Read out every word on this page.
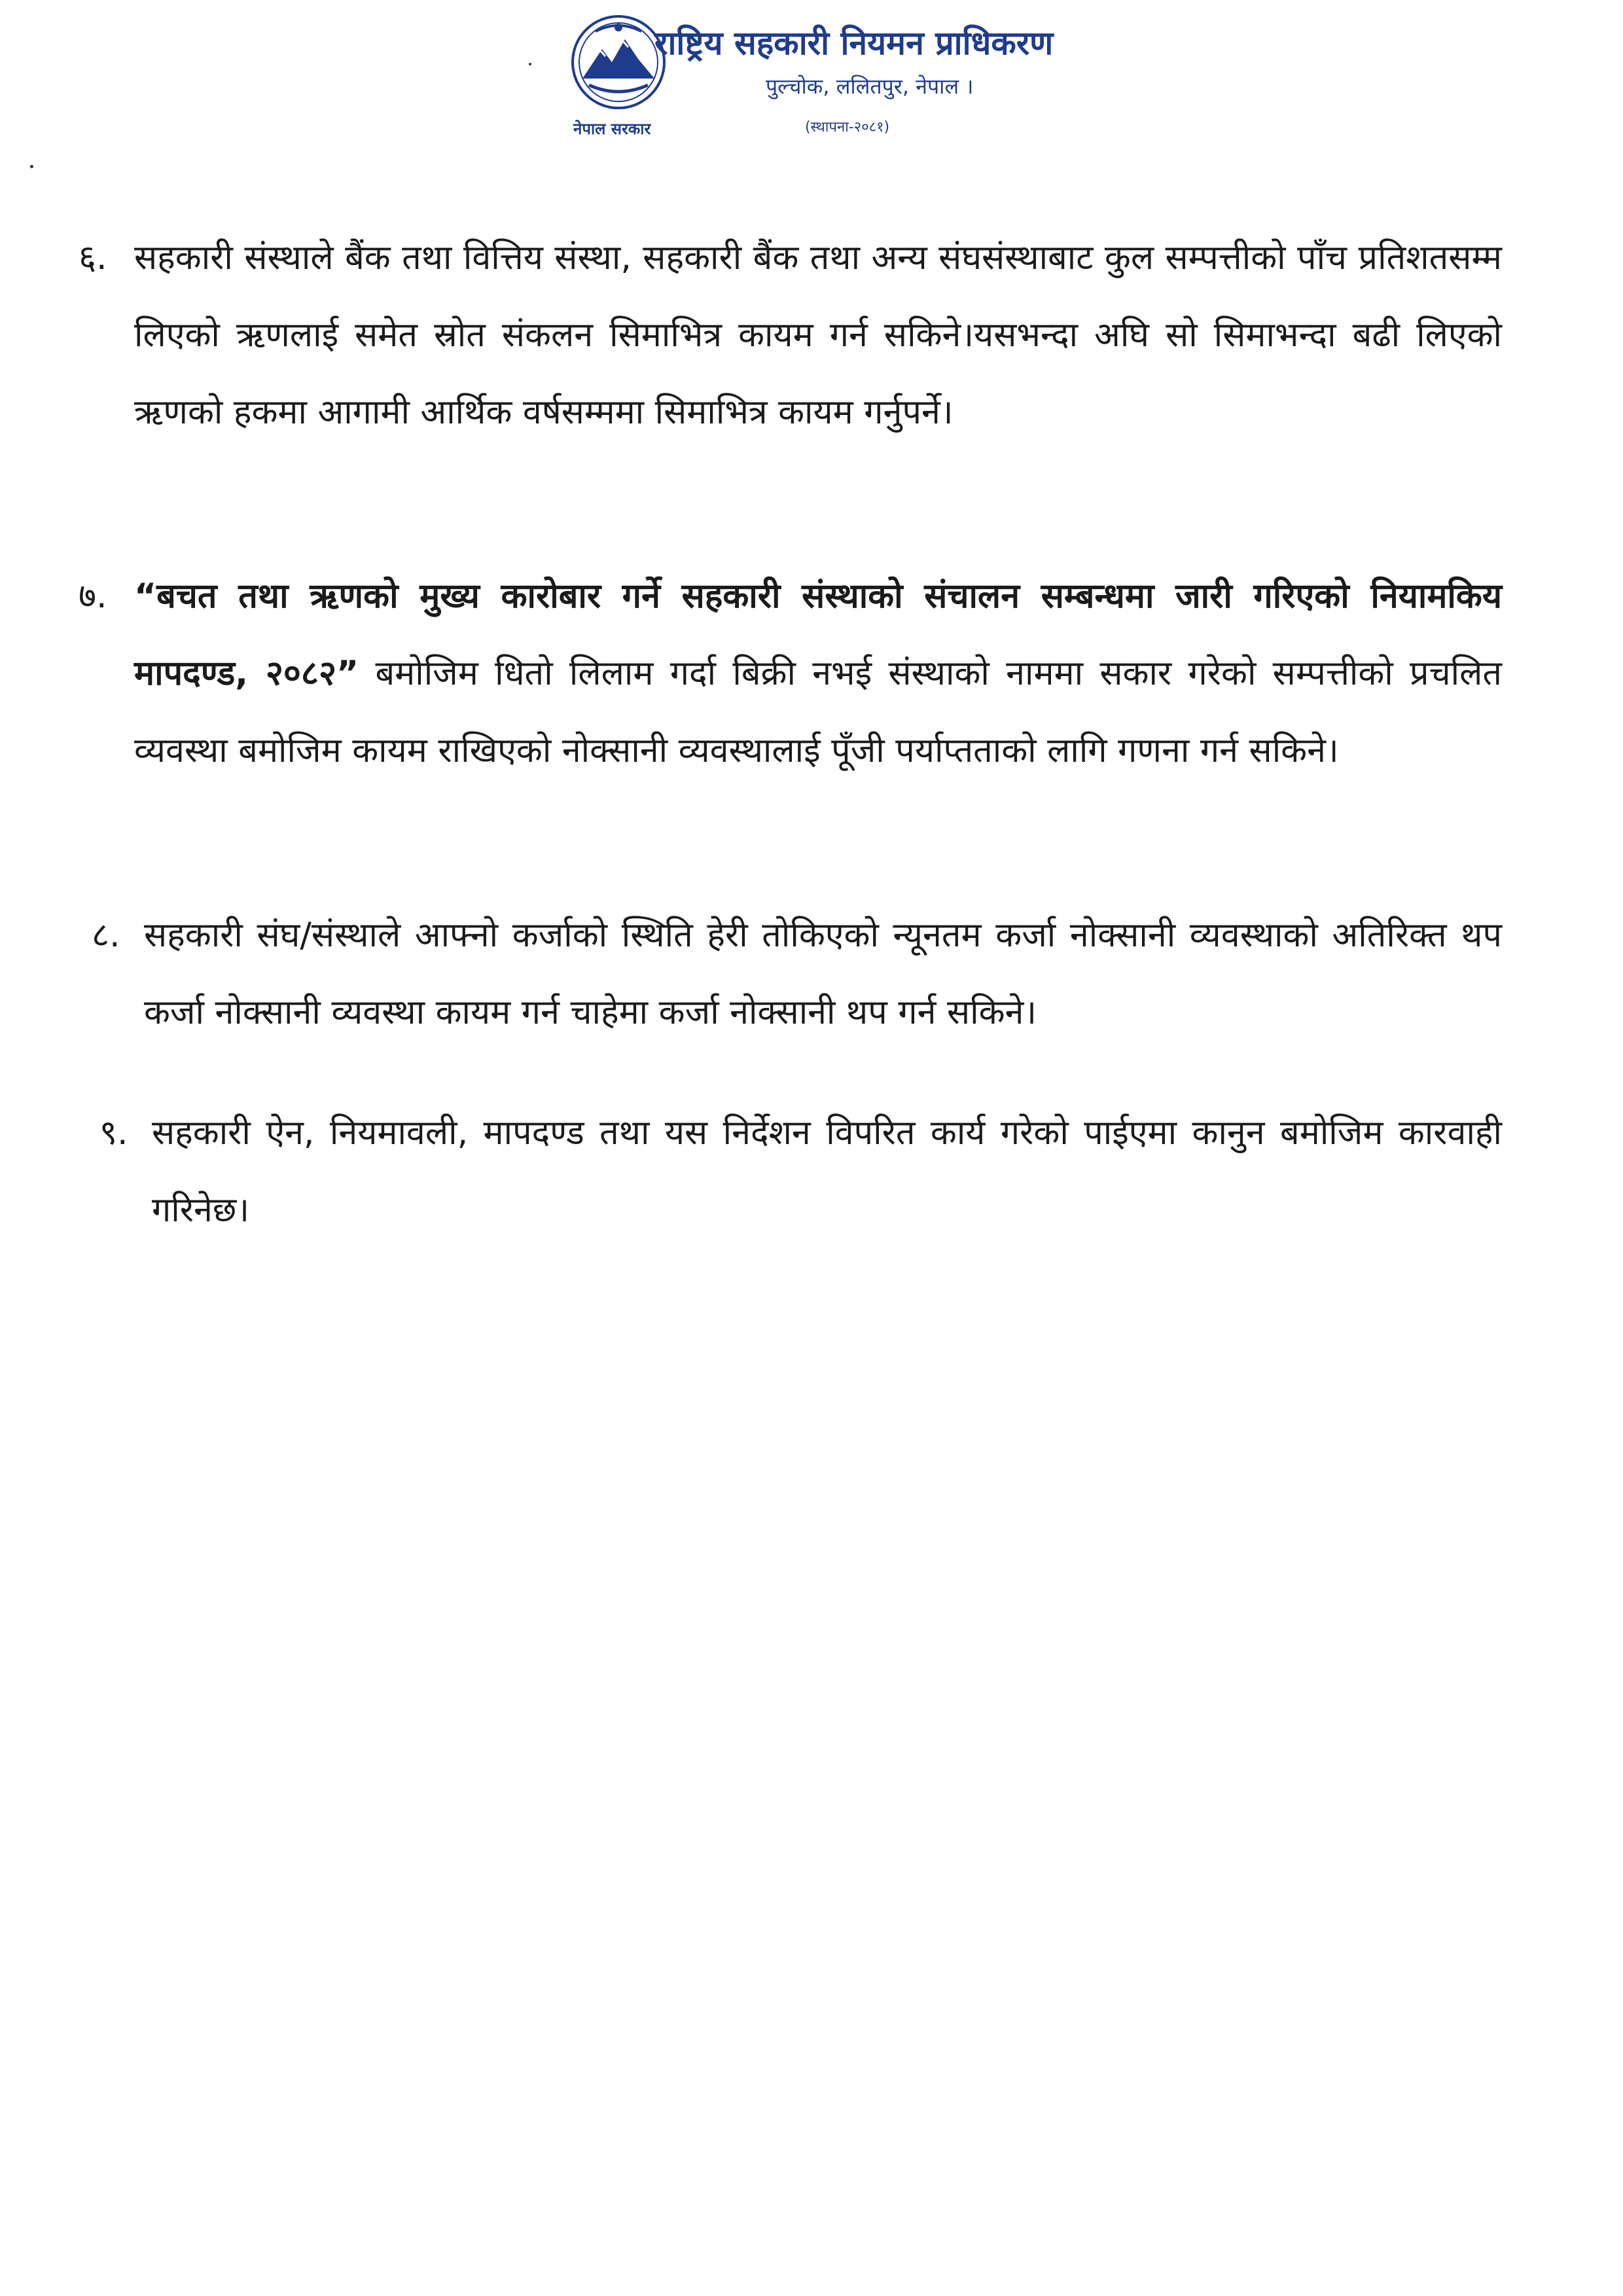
नेपाल सरकार
राष्ट्रिय सहकारी नियमन प्राधिकरण
पुल्चोक, ललितपुर, नेपाल ।
(स्थापना-२०८१)
६. सहकारी संस्थाले बैंक तथा वित्तिय संस्था, सहकारी बैंक तथा अन्य संघसंस्थाबाट कुल सम्पत्तीको पाँच प्रतिशतसम्म लिएको ऋणलाई समेत स्रोत संकलन सिमाभित्र कायम गर्न सकिने।यसभन्दा अघि सो सिमाभन्दा बढी लिएको ऋणको हकमा आगामी आर्थिक वर्षसम्ममा सिमाभित्र कायम गर्नुपर्ने।
७. “बचत तथा ऋणको मुख्य कारोबार गर्ने सहकारी संस्थाको संचालन सम्बन्धमा जारी गरिएको नियामकिय मापदण्ड, २०८२” बमोजिम धितो लिलाम गर्दा बिक्री नभई संस्थाको नाममा सकार गरेको सम्पत्तीको प्रचलित व्यवस्था बमोजिम कायम राखिएको नोक्सानी व्यवस्थालाई पूँजी पर्याप्तताको लागि गणना गर्न सकिने।
८. सहकारी संघ/संस्थाले आफ्नो कर्जाको स्थिति हेरी तोकिएको न्यूनतम कर्जा नोक्सानी व्यवस्थाको अतिरिक्त थप कर्जा नोक्सानी व्यवस्था कायम गर्न चाहेमा कर्जा नोक्सानी थप गर्न सकिने।
९. सहकारी ऐन, नियमावली, मापदण्ड तथा यस निर्देशन विपरित कार्य गरेको पाईएमा कानुन बमोजिम कारवाही गरिनेछ।
